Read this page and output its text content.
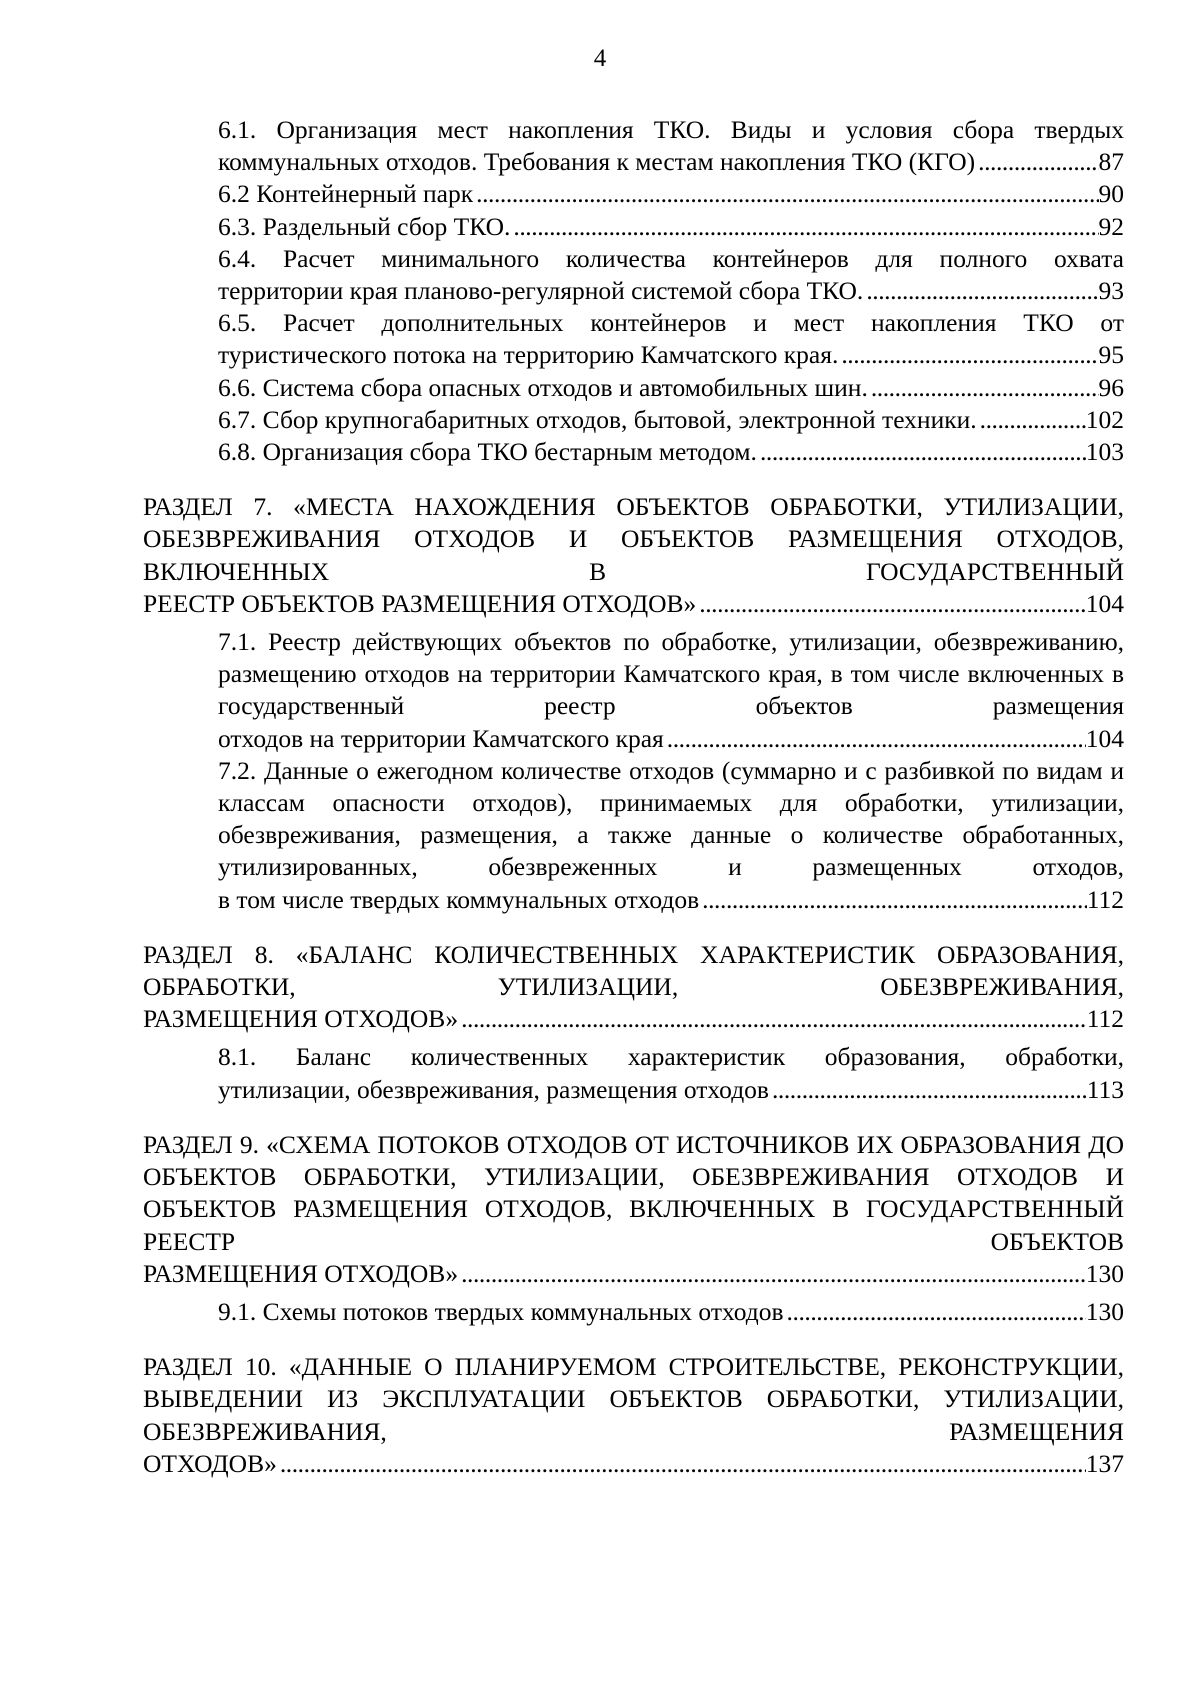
4
6.1. Организация мест накопления ТКО. Виды и условия сбора твердых
коммунальных отходов. Требования к местам накопления ТКО (КГО) . . .	87
6.2 Контейнерный парк . . .	90
6.3. Раздельный сбор ТКО. . . .	92
6.4. Расчет минимального количества контейнеров для полного охвата
территории края планово-регулярной системой сбора ТКО. . . .	93
6.5. Расчет дополнительных контейнеров и мест накопления ТКО от
туристического потока на территорию Камчатского края. . . .	95
6.6. Система сбора опасных отходов и автомобильных шин. . . .	96
6.7. Сбор крупногабаритных отходов, бытовой, электронной техники. . . .	102
6.8. Организация сбора ТКО бестарным методом. . . .	103
РАЗДЕЛ 7. «МЕСТА НАХОЖДЕНИЯ ОБЪЕКТОВ ОБРАБОТКИ, УТИЛИЗАЦИИ, ОБЕЗВРЕЖИВАНИЯ ОТХОДОВ И ОБЪЕКТОВ РАЗМЕЩЕНИЯ ОТХОДОВ, ВКЛЮЧЕННЫХ В ГОСУДАРСТВЕННЫЙ
РЕЕСТР ОБЪЕКТОВ РАЗМЕЩЕНИЯ ОТХОДОВ» . . .	104
7.1. Реестр действующих объектов по обработке, утилизации, обезвреживанию, размещению отходов на территории Камчатского края, в том числе включенных в государственный реестр объектов размещения
отходов на территории Камчатского края . . .	104
7.2. Данные о ежегодном количестве отходов (суммарно и с разбивкой по видам и классам опасности отходов), принимаемых для обработки, утилизации, обезвреживания, размещения, а также данные о количестве обработанных, утилизированных, обезвреженных и размещенных отходов,
в том числе твердых коммунальных отходов . . .	112
РАЗДЕЛ 8. «БАЛАНС КОЛИЧЕСТВЕННЫХ ХАРАКТЕРИСТИК ОБРАЗОВАНИЯ, ОБРАБОТКИ, УТИЛИЗАЦИИ, ОБЕЗВРЕЖИВАНИЯ,
РАЗМЕЩЕНИЯ ОТХОДОВ» . . .	112
8.1. Баланс количественных характеристик образования, обработки,
утилизации, обезвреживания, размещения отходов . . .	113
РАЗДЕЛ 9. «СХЕМА ПОТОКОВ ОТХОДОВ ОТ ИСТОЧНИКОВ ИХ ОБРАЗОВАНИЯ ДО ОБЪЕКТОВ ОБРАБОТКИ, УТИЛИЗАЦИИ, ОБЕЗВРЕЖИВАНИЯ ОТХОДОВ И ОБЪЕКТОВ РАЗМЕЩЕНИЯ ОТХОДОВ, ВКЛЮЧЕННЫХ В ГОСУДАРСТВЕННЫЙ РЕЕСТР ОБЪЕКТОВ
РАЗМЕЩЕНИЯ ОТХОДОВ» . . .	130
9.1. Схемы потоков твердых коммунальных отходов . . .	130
РАЗДЕЛ 10. «ДАННЫЕ О ПЛАНИРУЕМОМ СТРОИТЕЛЬСТВЕ, РЕКОНСТРУКЦИИ, ВЫВЕДЕНИИ ИЗ ЭКСПЛУАТАЦИИ ОБЪЕКТОВ ОБРАБОТКИ, УТИЛИЗАЦИИ, ОБЕЗВРЕЖИВАНИЯ, РАЗМЕЩЕНИЯ
ОТХОДОВ» . . .	137
